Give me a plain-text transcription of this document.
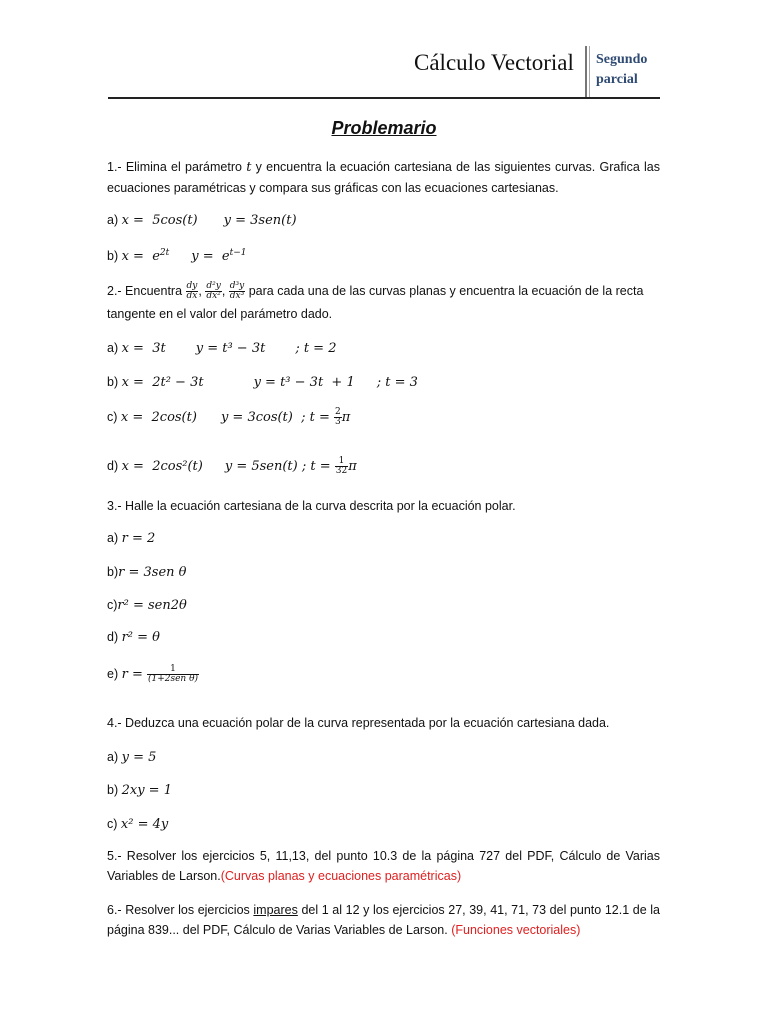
Cálculo Vectorial Segundo
parcial
Problemario
1.- Elimina el parámetro t y encuentra la ecuación cartesiana de las siguientes curvas. Grafica las ecuaciones paramétricas y compara sus gráficas con las ecuaciones cartesianas.
a) x =  5cos(t) y = 3sen(t)
b) $x = e^{2t}$ $y = e^{t-1}$
2.- Encuentra $\frac{dy}{dx}$ , $\frac{\text{d²y}}{\text{dx²}}$ , $\frac{\text{d³y}}{\text{dx³}}$ para cada una de las curvas planas y encuentra la ecuación de la recta
tangente en el valor del parámetro dado.
a) x =  3t y = t³ − 3t ; t = 2
b) x =  2t² − 3t	y = t³ − 3t  + 1 ; t = 3
c) x =  2cos(t) y = 3cos(t)  ; $t = \frac{2}{3}$ π
d) x =  2cos²(t) y = 5sen(t) ; $t = \frac{1}{32}$ π
3.- Halle la ecuación cartesiana de la curva descrita por la ecuación polar.
a) r = 2
b)r = 3sen θ
c)r² = sen2θ
d) r² = θ
e) $r = \frac{1}{\text{(1+2sen θ)}}$
4.- Deduzca una ecuación polar de la curva representada por la ecuación cartesiana dada.
a) y = 5
b) 2xy = 1
c) x² = 4y
5.- Resolver los ejercicios 5, 11,13, del punto 10.3 de la página 727 del PDF, Cálculo de Varias Variables de Larson.(Curvas planas y ecuaciones paramétricas)
6.- Resolver los ejercicios impares del 1 al 12 y los ejercicios 27, 39, 41, 71, 73 del punto 12.1 de la página 839... del PDF, Cálculo de Varias Variables de Larson. (Funciones vectoriales)
